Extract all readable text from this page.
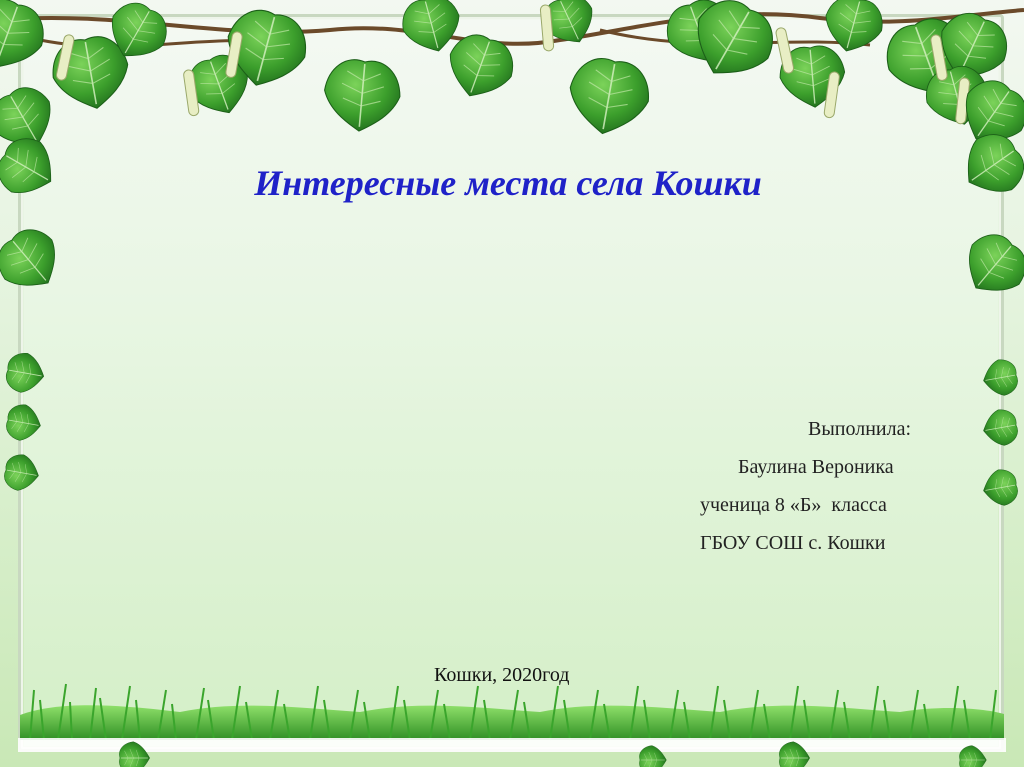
Интересные места села Кошки
Выполнила:
Баулина Вероника
ученица 8 «Б»  класса
ГБОУ СОШ с. Кошки
Кошки, 2020год
